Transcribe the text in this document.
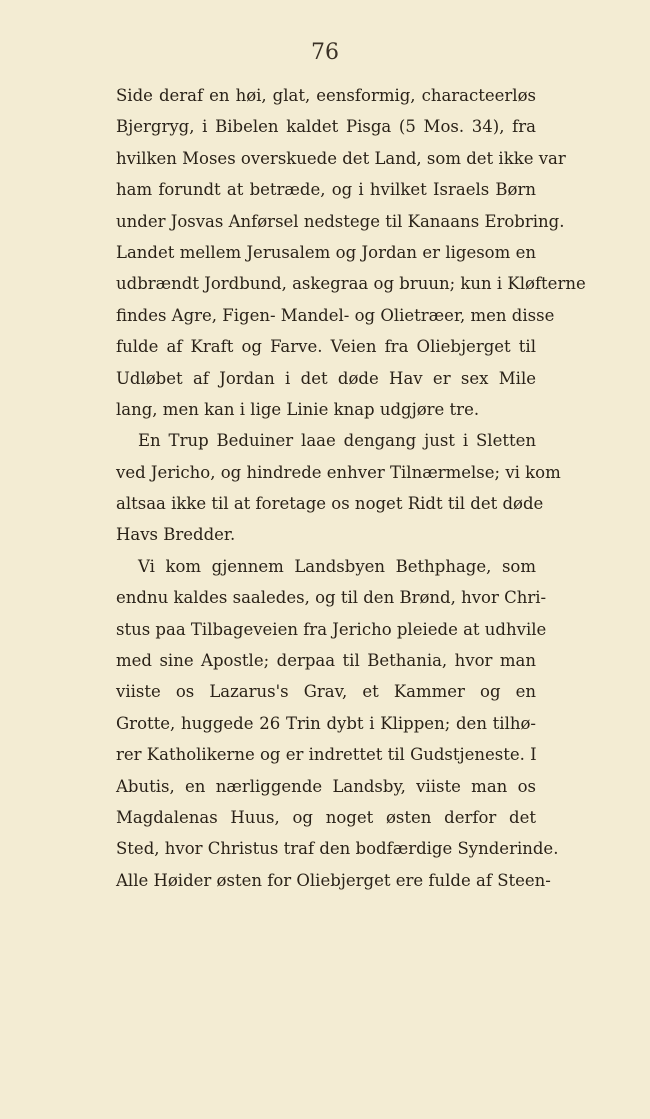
76
Side deraf en høi, glat, eensformig, characteerløs
Bjergryg, i Bibelen kaldet Pisga (5 Mos. 34), fra
hvilken Moses overskuede det Land, som det ikke var
ham forundt at betræde, og i hvilket Israels Børn
under Josvas Anførsel nedstege til Kanaans Erobring.
Landet mellem Jerusalem og Jordan er ligesom en
udbrændt Jordbund, askegraa og bruun; kun i Kløfterne
findes Agre, Figen- Mandel- og Olietræer, men disse
fulde af Kraft og Farve. Veien fra Oliebjerget til
Udløbet af Jordan i det døde Hav er sex Mile
lang, men kan i lige Linie knap udgjøre tre.
En Trup Beduiner laae dengang just i Sletten
ved Jericho, og hindrede enhver Tilnærmelse; vi kom
altsaa ikke til at foretage os noget Ridt til det døde
Havs Bredder.
Vi kom gjennem Landsbyen Bethphage, som
endnu kaldes saaledes, og til den Brønd, hvor Chri-
stus paa Tilbageveien fra Jericho pleiede at udhvile
med sine Apostle; derpaa til Bethania, hvor man
viiste os Lazarus's Grav, et Kammer og en
Grotte, huggede 26 Trin dybt i Klippen; den tilhø-
rer Katholikerne og er indrettet til Gudstjeneste. I
Abutis, en nærliggende Landsby, viiste man os
Magdalenas Huus, og noget østen derfor det
Sted, hvor Christus traf den bodfærdige Synderinde.
Alle Høider østen for Oliebjerget ere fulde af Steen-
